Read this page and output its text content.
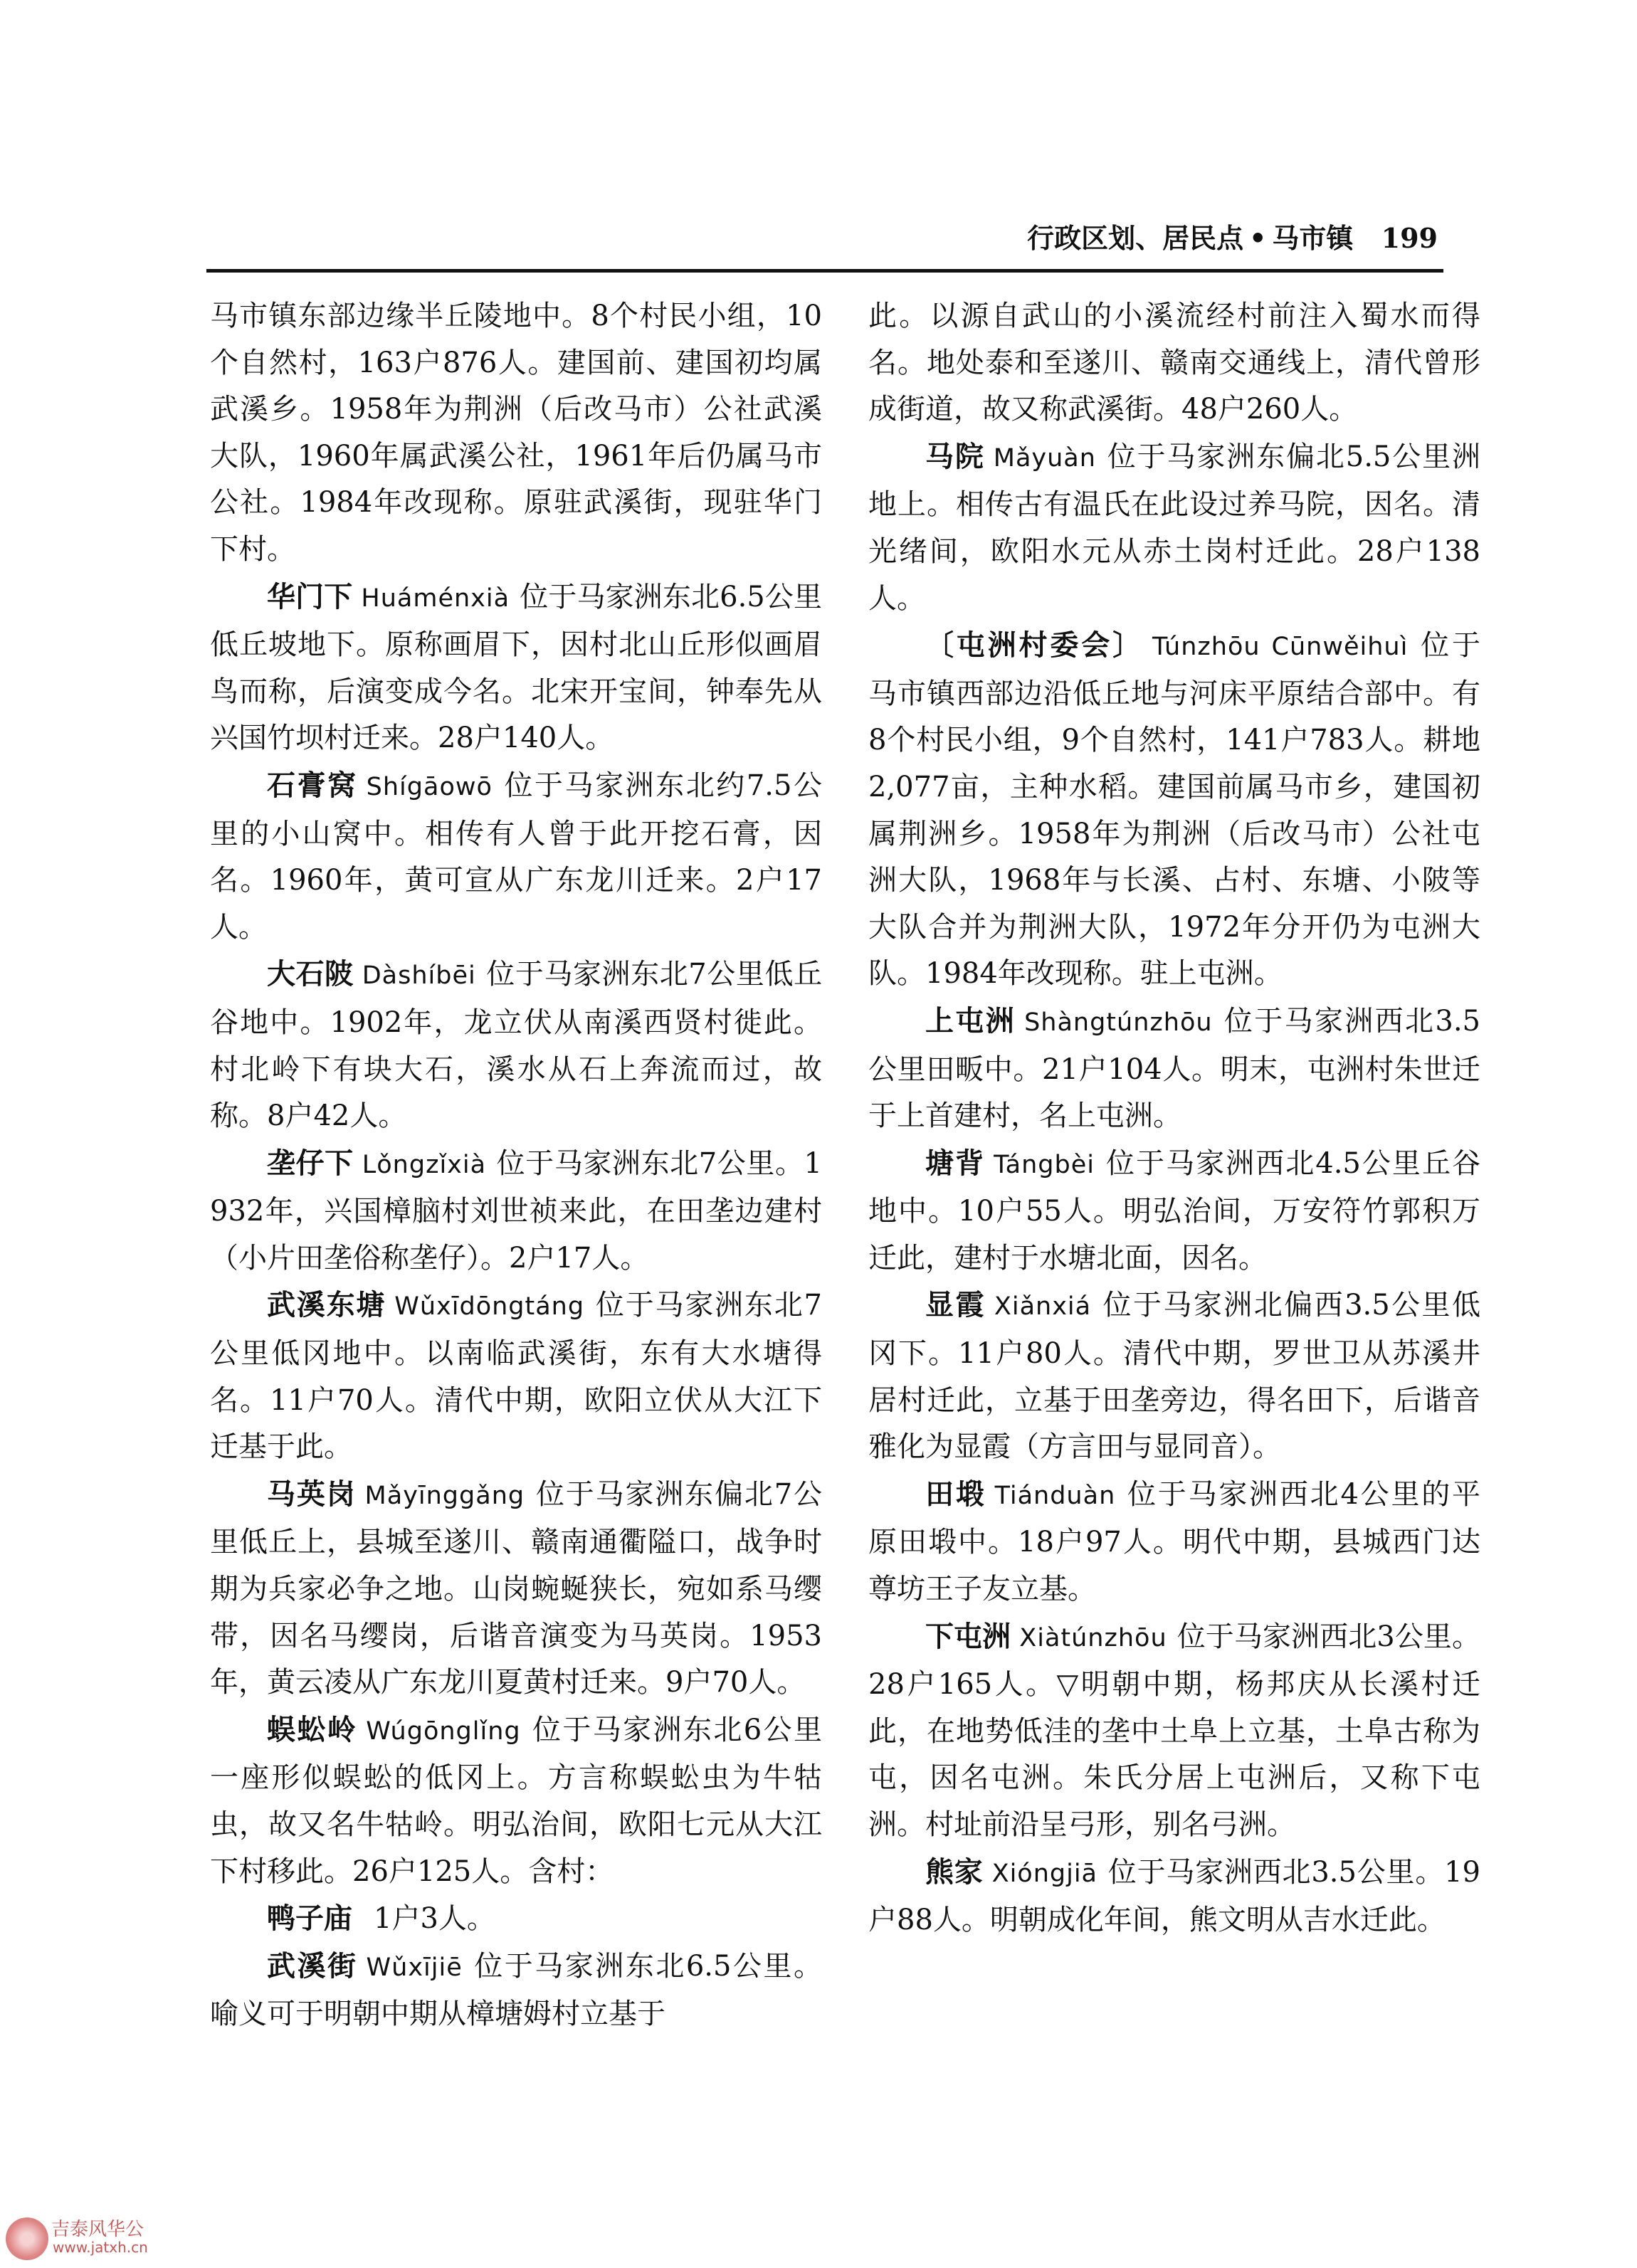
行政区划、居民点 • 马市镇 199

马市镇东部边缘半丘陵地中。8个村民小组，10个自然村，163户876人。建国前、建国初均属武溪乡。1958年为荆洲（后改马市）公社武溪大队，1960年属武溪公社，1961年后仍属马市公社。1984年改现称。原驻武溪街，现驻华门下村。

华门下 Huáménxià 位于马家洲东北6.5公里低丘坡地下。原称画眉下，因村北山丘形似画眉鸟而称，后演变成今名。北宋开宝间，钟奉先从兴国竹坝村迁来。28户140人。

石膏窝 Shígāowō 位于马家洲东北约7.5公里的小山窝中。相传有人曾于此开挖石膏，因名。1960年，黄可宣从广东龙川迁来。2户17人。

大石陂 Dàshíbēi 位于马家洲东北7公里低丘谷地中。1902年，龙立伏从南溪西贤村徙此。村北岭下有块大石，溪水从石上奔流而过，故称。8户42人。

垄仔下 Lǒngzǐxià 位于马家洲东北7公里。1932年，兴国樟脑村刘世祯来此，在田垄边建村（小片田垄俗称垄仔）。2户17人。

武溪东塘 Wǔxīdōngtáng 位于马家洲东北7公里低冈地中。以南临武溪街，东有大水塘得名。11户70人。清代中期，欧阳立伏从大江下迁基于此。

马英岗 Mǎyīnggǎng 位于马家洲东偏北7公里低丘上，县城至遂川、赣南通衢隘口，战争时期为兵家必争之地。山岗蜿蜒狭长，宛如系马缨带，因名马缨岗，后谐音演变为马英岗。1953年，黄云凌从广东龙川夏黄村迁来。9户70人。

蜈蚣岭 Wúgōnglǐng 位于马家洲东北6公里一座形似蜈蚣的低冈上。方言称蜈蚣虫为牛牯虫，故又名牛牯岭。明弘治间，欧阳七元从大江下村移此。26户125人。含村：

鸭子庙 1户3人。

武溪街 Wǔxījiē 位于马家洲东北6.5公里。喻义可于明朝中期从樟塘姆村立基于

此。以源自武山的小溪流经村前注入蜀水而得名。地处泰和至遂川、赣南交通线上，清代曾形成街道，故又称武溪街。48户260人。

马院 Mǎyuàn 位于马家洲东偏北5.5公里洲地上。相传古有温氏在此设过养马院，因名。清光绪间，欧阳水元从赤土岗村迁此。28户138人。

〔屯洲村委会〕 Túnzhōu Cūnwěihuì 位于马市镇西部边沿低丘地与河床平原结合部中。有8个村民小组，9个自然村，141户783人。耕地2,077亩，主种水稻。建国前属马市乡，建国初属荆洲乡。1958年为荆洲（后改马市）公社屯洲大队，1968年与长溪、占村、东塘、小陂等大队合并为荆洲大队，1972年分开仍为屯洲大队。1984年改现称。驻上屯洲。

上屯洲 Shàngtúnzhōu 位于马家洲西北3.5公里田畈中。21户104人。明末，屯洲村朱世迁于上首建村，名上屯洲。

塘背 Tángbèi 位于马家洲西北4.5公里丘谷地中。10户55人。明弘治间，万安符竹郭积万迁此，建村于水塘北面，因名。

显霞 Xiǎnxiá 位于马家洲北偏西3.5公里低冈下。11户80人。清代中期，罗世卫从苏溪井居村迁此，立基于田垄旁边，得名田下，后谐音雅化为显霞（方言田与显同音）。

田塅 Tiánduàn 位于马家洲西北4公里的平原田塅中。18户97人。明代中期，县城西门达尊坊王子友立基。

下屯洲 Xiàtúnzhōu 位于马家洲西北3公里。28户165人。▽明朝中期，杨邦庆从长溪村迁此，在地势低洼的垄中土阜上立基，土阜古称为屯，因名屯洲。朱氏分居上屯洲后，又称下屯洲。村址前沿呈弓形，别名弓洲。

熊家 Xióngjiā 位于马家洲西北3.5公里。19户88人。明朝成化年间，熊文明从吉水迁此。

吉泰风华公
www.jatxh.cn
